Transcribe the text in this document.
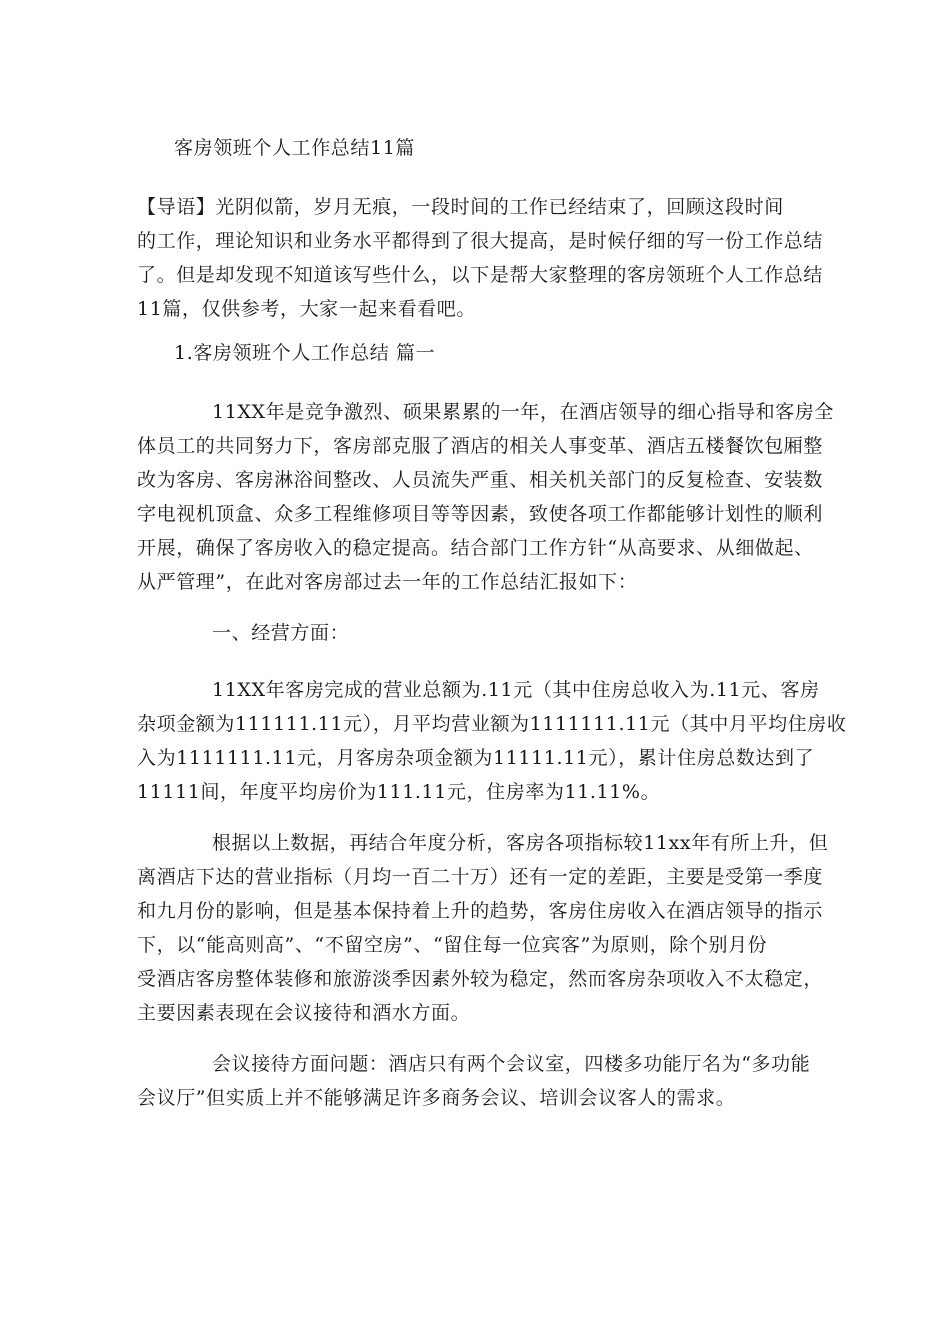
客房领班个人工作总结11篇
【导语】光阴似箭，岁月无痕，一段时间的工作已经结束了，回顾这段时间
的工作，理论知识和业务水平都得到了很大提高，是时候仔细的写一份工作总结
了。但是却发现不知道该写些什么，以下是帮大家整理的客房领班个人工作总结
11篇，仅供参考，大家一起来看看吧。
1.客房领班个人工作总结 篇一
11XX年是竞争激烈、硕果累累的一年，在酒店领导的细心指导和客房全
体员工的共同努力下，客房部克服了酒店的相关人事变革、酒店五楼餐饮包厢整
改为客房、客房淋浴间整改、人员流失严重、相关机关部门的反复检查、安装数
字电视机顶盒、众多工程维修项目等等因素，致使各项工作都能够计划性的顺利
开展，确保了客房收入的稳定提高。结合部门工作方针“从高要求、从细做起、
从严管理”，在此对客房部过去一年的工作总结汇报如下：
一、经营方面：
11XX年客房完成的营业总额为.11元（其中住房总收入为.11元、客房
杂项金额为111111.11元），月平均营业额为1111111.11元（其中月平均住房收
入为1111111.11元，月客房杂项金额为11111.11元），累计住房总数达到了
11111间，年度平均房价为111.11元，住房率为11.11%。
根据以上数据，再结合年度分析，客房各项指标较11xx年有所上升，但
离酒店下达的营业指标（月均一百二十万）还有一定的差距，主要是受第一季度
和九月份的影响，但是基本保持着上升的趋势，客房住房收入在酒店领导的指示
下，以“能高则高”、“不留空房”、“留住每一位宾客”为原则，除个别月份
受酒店客房整体装修和旅游淡季因素外较为稳定，然而客房杂项收入不太稳定，
主要因素表现在会议接待和酒水方面。
会议接待方面问题：酒店只有两个会议室，四楼多功能厅名为“多功能
会议厅”但实质上并不能够满足许多商务会议、培训会议客人的需求。
